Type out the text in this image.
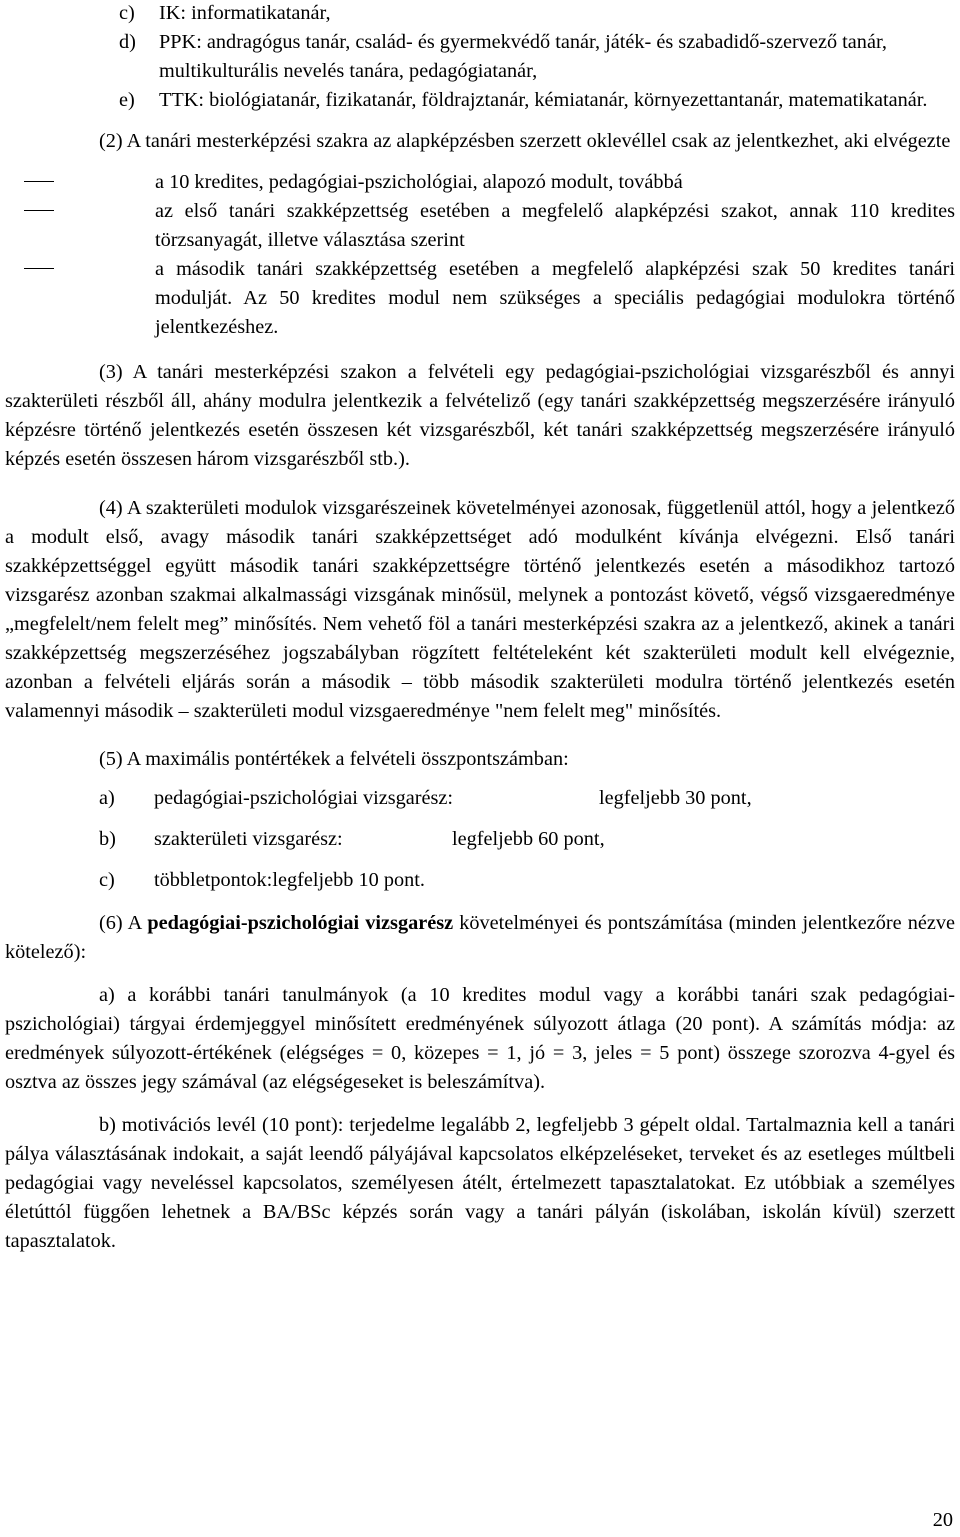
c)	IK: informatikatanár,
d)	PPK: andragógus tanár, család- és gyermekvédő tanár, játék- és szabadidő-szervező tanár, multikulturális nevelés tanára, pedagógiatanár,
e)	TTK: biológiatanár, fizikatanár, földrajztanár, kémiatanár, környezettantanár, matematikatanár.

(2) A tanári mesterképzési szakra az alapképzésben szerzett oklevéllel csak az jelentkezhet, aki elvégezte

a 10 kredites, pedagógiai-pszichológiai, alapozó modult, továbbá
az első tanári szakképzettség esetében a megfelelő alapképzési szakot, annak 110 kredites törzsanyagát, illetve választása szerint
a második tanári szakképzettség esetében a megfelelő alapképzési szak 50 kredites tanári modulját. Az 50 kredites modul nem szükséges a speciális pedagógiai modulokra történő jelentkezéshez.

(3) A tanári mesterképzési szakon a felvételi egy pedagógiai-pszichológiai vizsgarészből és annyi szakterületi részből áll, ahány modulra jelentkezik a felvételiző (egy tanári szakképzettség megszerzésére irányuló képzésre történő jelentkezés esetén összesen két vizsgarészből, két tanári szakképzettség megszerzésére irányuló képzés esetén összesen három vizsgarészből stb.).

(4) A szakterületi modulok vizsgarészeinek követelményei azonosak, függetlenül attól, hogy a jelentkező a modult első, avagy második tanári szakképzettséget adó modulként kívánja elvégezni. Első tanári szakképzettséggel együtt második tanári szakképzettségre történő jelentkezés esetén a másodikhoz tartozó vizsgarész azonban szakmai alkalmassági vizsgának minősül, melynek a pontozást követő, végső vizsgaeredménye „megfelelt/nem felelt meg” minősítés. Nem vehető föl a tanári mesterképzési szakra az a jelentkező, akinek a tanári szakképzettség megszerzéséhez jogszabályban rögzített feltételeként két szakterületi modult kell elvégeznie, azonban a felvételi eljárás során a második – több második szakterületi modulra történő jelentkezés esetén valamennyi második – szakterületi modul vizsgaeredménye "nem felelt meg" minősítés.

(5) A maximális pontértékek a felvételi összpontszámban:

a)	pedagógiai-pszichológiai vizsgarész:	legfeljebb 30 pont,
b)	szakterületi vizsgarész:	legfeljebb 60 pont,
c)	többletpontok: legfeljebb 10 pont.

(6) A pedagógiai-pszichológiai vizsgarész követelményei és pontszámítása (minden jelentkezőre nézve kötelező):

a) a korábbi tanári tanulmányok (a 10 kredites modul vagy a korábbi tanári szak pedagógiai-pszichológiai) tárgyai érdemjeggyel minősített eredményének súlyozott átlaga (20 pont). A számítás módja: az eredmények súlyozott-értékének (elégséges = 0, közepes = 1, jó = 3, jeles = 5 pont) összege szorozva 4-gyel és osztva az összes jegy számával (az elégségeseket is beleszámítva).

b) motivációs levél (10 pont): terjedelme legalább 2, legfeljebb 3 gépelt oldal. Tartalmaznia kell a tanári pálya választásának indokait, a saját leendő pályájával kapcsolatos elképzeléseket, terveket és az esetleges múltbeli pedagógiai vagy neveléssel kapcsolatos, személyesen átélt, értelmezett tapasztalatokat. Ez utóbbiak a személyes életúttól függően lehetnek a BA/BSc képzés során vagy a tanári pályán (iskolában, iskolán kívül) szerzett tapasztalatok.

20
